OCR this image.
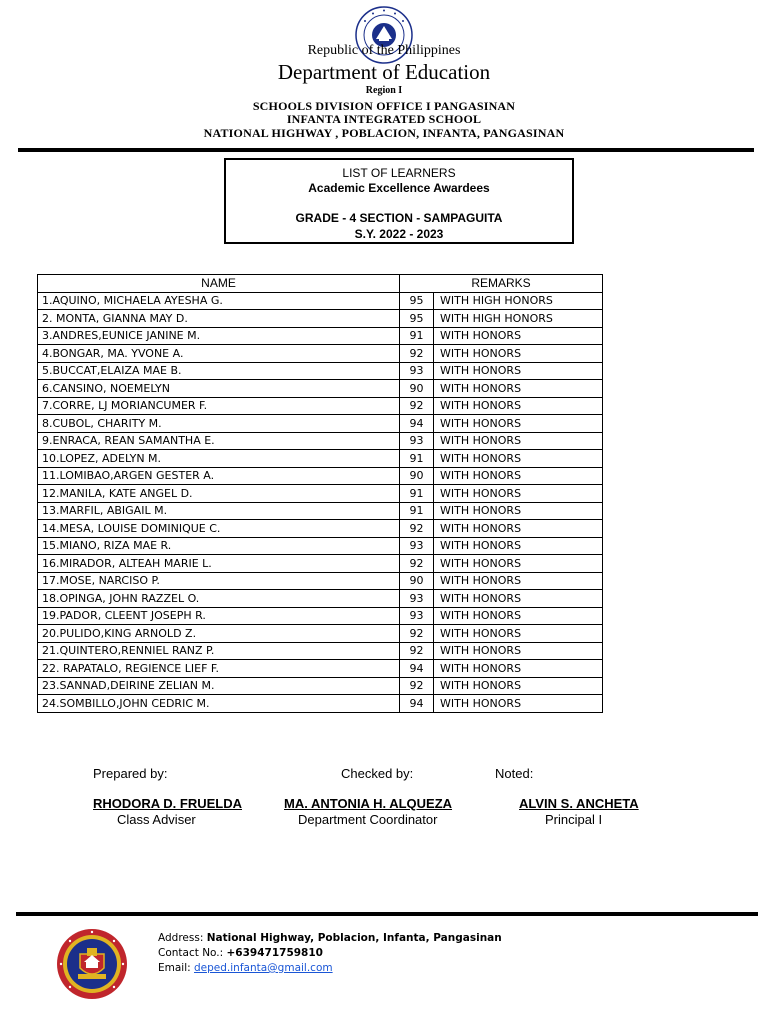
Republic of the Philippines
Department of Education
Region I
SCHOOLS DIVISION OFFICE I PANGASINAN
INFANTA INTEGRATED SCHOOL
NATIONAL HIGHWAY , POBLACION, INFANTA, PANGASINAN
LIST OF LEARNERS
Academic Excellence Awardees
GRADE - 4 SECTION - SAMPAGUITA
S.Y. 2022 - 2023
NAME	REMARKS	
1.AQUINO, MICHAELA AYESHA G.	95	WITH HIGH HONORS
2. MONTA, GIANNA MAY D.	95	WITH HIGH HONORS
3.ANDRES,EUNICE JANINE M.	91	WITH HONORS
4.BONGAR, MA. YVONE A.	92	WITH HONORS
5.BUCCAT,ELAIZA MAE B.	93	WITH HONORS
6.CANSINO, NOEMELYN	90	WITH HONORS
7.CORRE, LJ MORIANCUMER F.	92	WITH HONORS
8.CUBOL, CHARITY M.	94	WITH HONORS
9.ENRACA, REAN SAMANTHA E.	93	WITH HONORS
10.LOPEZ, ADELYN M.	91	WITH HONORS
11.LOMIBAO,ARGEN GESTER A.	90	WITH HONORS
12.MANILA, KATE ANGEL D.	91	WITH HONORS
13.MARFIL, ABIGAIL M.	91	WITH HONORS
14.MESA, LOUISE DOMINIQUE C.	92	WITH HONORS
15.MIANO, RIZA MAE R.	93	WITH HONORS
16.MIRADOR, ALTEAH MARIE L.	92	WITH HONORS
17.MOSE, NARCISO P.	90	WITH HONORS
18.OPINGA, JOHN RAZZEL O.	93	WITH HONORS
19.PADOR, CLEENT JOSEPH R.	93	WITH HONORS
20.PULIDO,KING ARNOLD Z.	92	WITH HONORS
21.QUINTERO,RENNIEL RANZ P.	92	WITH HONORS
22. RAPATALO, REGIENCE LIEF F.	94	WITH HONORS
23.SANNAD,DEIRINE ZELIAN M.	92	WITH HONORS
24.SOMBILLO,JOHN CEDRIC M.	94	WITH HONORS
Prepared by:	Checked by:	Noted:
RHODORA D. FRUELDA	MA. ANTONIA H. ALQUEZA	ALVIN S. ANCHETA
Class Adviser	Department Coordinator	Principal I
Address: National Highway, Poblacion, Infanta, Pangasinan
Contact No.: +639471759810
Email: deped.infanta@gmail.com
